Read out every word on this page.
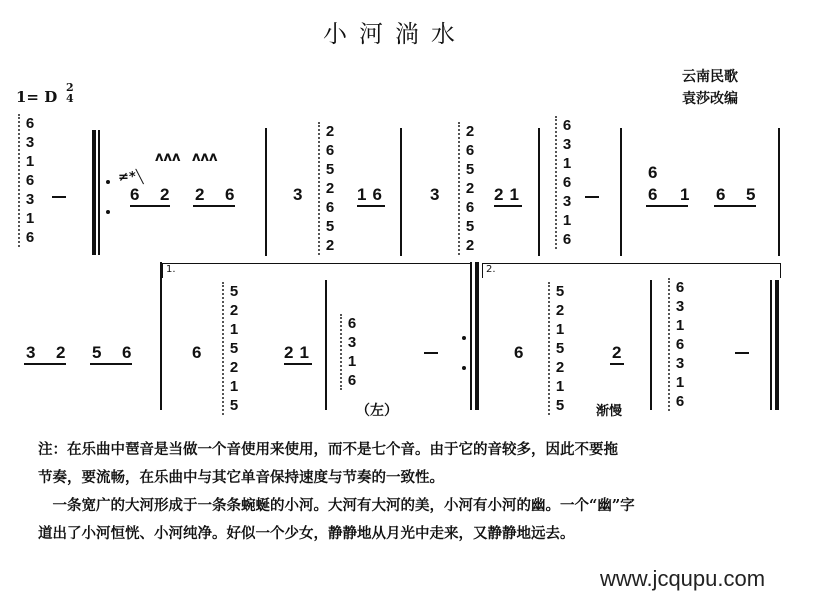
小河淌水
云南民歌
袁莎改编
1= D
2
4
6316316
≠*╲
ʌʌʌ ʌʌʌ
6 2 2 6	3
2652652
16 3
2652652
21
6316316
6
6 1 6 5
3 2 5 6
1.
6
5215215
21
6316
（左）
2.
6
5215215
2
渐慢
6316316
注：在乐曲中琶音是当做一个音使用来使用，而不是七个音。由于它的音较多，因此不要拖
节奏，要流畅，在乐曲中与其它单音保持速度与节奏的一致性。
　一条宽广的大河形成于一条条蜿蜒的小河。大河有大河的美，小河有小河的幽。一个“幽”字
道出了小河恒恍、小河纯净。好似一个少女，静静地从月光中走来，又静静地远去。
www.jcqupu.com
